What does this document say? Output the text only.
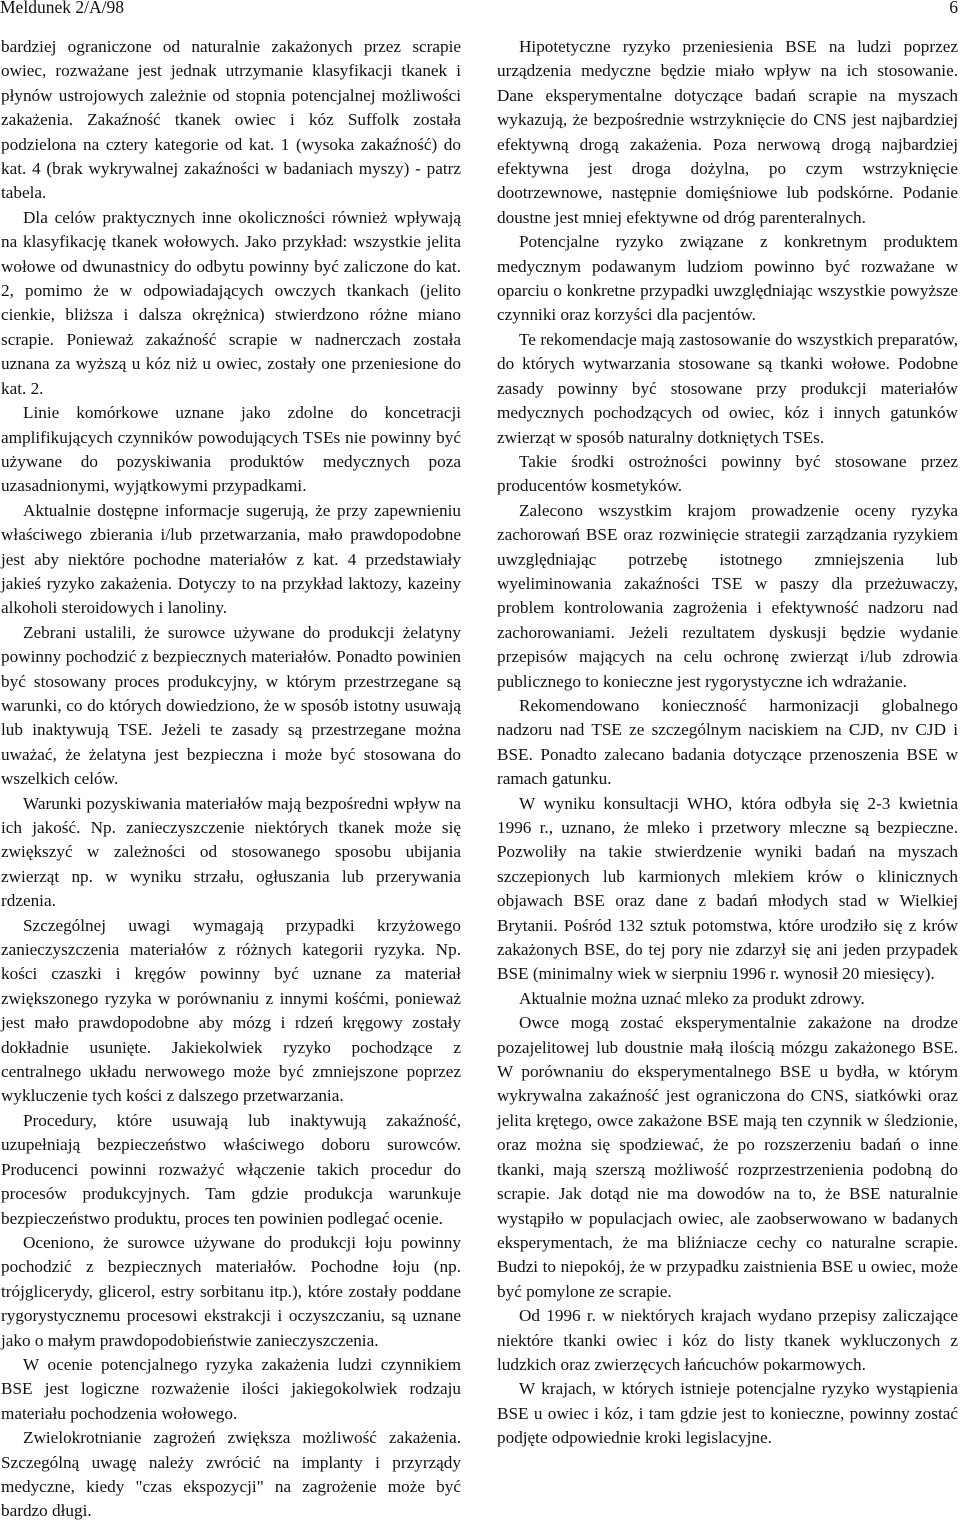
Meldunek 2/A/98	6

bardziej ograniczone od naturalnie zakażonych przez scrapie owiec, rozważane jest jednak utrzymanie klasyfikacji tkanek i płynów ustrojowych zależnie od stopnia potencjalnej możliwości zakażenia. Zakaźność tkanek owiec i kóz Suffolk została podzielona na cztery kategorie od kat. 1 (wysoka zakaźność) do kat. 4 (brak wykrywalnej zakaźności w badaniach myszy) - patrz tabela.

Dla celów praktycznych inne okoliczności również wpływają na klasyfikację tkanek wołowych. Jako przykład: wszystkie jelita wołowe od dwunastnicy do odbytu powinny być zaliczone do kat. 2, pomimo że w odpowiadających owczych tkankach (jelito cienkie, bliższa i dalsza okrężnica) stwierdzono różne miano scrapie. Ponieważ zakaźność scrapie w nadnerczach została uznana za wyższą u kóz niż u owiec, zostały one przeniesione do kat. 2.

Linie komórkowe uznane jako zdolne do koncetracji amplifikujących czynników powodujących TSEs nie powinny być używane do pozyskiwania produktów medycznych poza uzasadnionymi, wyjątkowymi przypadkami.

Aktualnie dostępne informacje sugerują, że przy zapewnieniu właściwego zbierania i/lub przetwarzania, mało prawdopodobne jest aby niektóre pochodne materiałów z kat. 4 przedstawiały jakieś ryzyko zakażenia. Dotyczy to na przykład laktozy, kazeiny alkoholi steroidowych i lanoliny.

Zebrani ustalili, że surowce używane do produkcji żelatyny powinny pochodzić z bezpiecznych materiałów. Ponadto powinien być stosowany proces produkcyjny, w którym przestrzegane są warunki, co do których dowiedziono, że w sposób istotny usuwają lub inaktywują TSE. Jeżeli te zasady są przestrzegane można uważać, że żelatyna jest bezpieczna i może być stosowana do wszelkich celów.

Warunki pozyskiwania materiałów mają bezpośredni wpływ na ich jakość. Np. zanieczyszczenie niektórych tkanek może się zwiększyć w zależności od stosowanego sposobu ubijania zwierząt np. w wyniku strzału, ogłuszania lub przerywania rdzenia.

Szczególnej uwagi wymagają przypadki krzyżowego zanieczyszczenia materiałów z różnych kategorii ryzyka. Np. kości czaszki i kręgów powinny być uznane za materiał zwiększonego ryzyka w porównaniu z innymi kośćmi, ponieważ jest mało prawdopodobne aby mózg i rdzeń kręgowy zostały dokładnie usunięte. Jakiekolwiek ryzyko pochodzące z centralnego układu nerwowego może być zmniejszone poprzez wykluczenie tych kości z dalszego przetwarzania.

Procedury, które usuwają lub inaktywują zakaźność, uzupełniają bezpieczeństwo właściwego doboru surowców. Producenci powinni rozważyć włączenie takich procedur do procesów produkcyjnych. Tam gdzie produkcja warunkuje bezpieczeństwo produktu, proces ten powinien podlegać ocenie.

Oceniono, że surowce używane do produkcji łoju powinny pochodzić z bezpiecznych materiałów. Pochodne łoju (np. trójglicerydy, glicerol, estry sorbitanu itp.), które zostały poddane rygorystycznemu procesowi ekstrakcji i oczyszczaniu, są uznane jako o małym prawdopodobieństwie zanieczyszczenia.

W ocenie potencjalnego ryzyka zakażenia ludzi czynnikiem BSE jest logiczne rozważenie ilości jakiegokolwiek rodzaju materiału pochodzenia wołowego.

Zwielokrotnianie zagrożeń zwiększa możliwość zakażenia. Szczególną uwagę należy zwrócić na implanty i przyrządy medyczne, kiedy "czas ekspozycji" na zagrożenie może być bardzo długi.

Hipotetyczne ryzyko przeniesienia BSE na ludzi poprzez urządzenia medyczne będzie miało wpływ na ich stosowanie. Dane eksperymentalne dotyczące badań scrapie na myszach wykazują, że bezpośrednie wstrzyknięcie do CNS jest najbardziej efektywną drogą zakażenia. Poza nerwową drogą najbardziej efektywna jest droga dożylna, po czym wstrzyknięcie dootrzewnowe, następnie domięśniowe lub podskórne. Podanie doustne jest mniej efektywne od dróg parenteralnych.

Potencjalne ryzyko związane z konkretnym produktem medycznym podawanym ludziom powinno być rozważane w oparciu o konkretne przypadki uwzględniając wszystkie powyższe czynniki oraz korzyści dla pacjentów.

Te rekomendacje mają zastosowanie do wszystkich preparatów, do których wytwarzania stosowane są tkanki wołowe. Podobne zasady powinny być stosowane przy produkcji materiałów medycznych pochodzących od owiec, kóz i innych gatunków zwierząt w sposób naturalny dotkniętych TSEs.

Takie środki ostrożności powinny być stosowane przez producentów kosmetyków.

Zalecono wszystkim krajom prowadzenie oceny ryzyka zachorowań BSE oraz rozwinięcie strategii zarządzania ryzykiem uwzględniając potrzebę istotnego zmniejszenia lub wyeliminowania zakaźności TSE w paszy dla przeżuwaczy, problem kontrolowania zagrożenia i efektywność nadzoru nad zachorowaniami. Jeżeli rezultatem dyskusji będzie wydanie przepisów mających na celu ochronę zwierząt i/lub zdrowia publicznego to konieczne jest rygorystyczne ich wdrażanie.

Rekomendowano konieczność harmonizacji globalnego nadzoru nad TSE ze szczególnym naciskiem na CJD, nv CJD i BSE. Ponadto zalecano badania dotyczące przenoszenia BSE w ramach gatunku.

W wyniku konsultacji WHO, która odbyła się 2-3 kwietnia 1996 r., uznano, że mleko i przetwory mleczne są bezpieczne. Pozwoliły na takie stwierdzenie wyniki badań na myszach szczepionych lub karmionych mlekiem krów o klinicznych objawach BSE oraz dane z badań młodych stad w Wielkiej Brytanii. Pośród 132 sztuk potomstwa, które urodziło się z krów zakażonych BSE, do tej pory nie zdarzył się ani jeden przypadek BSE (minimalny wiek w sierpniu 1996 r. wynosił 20 miesięcy).

Aktualnie można uznać mleko za produkt zdrowy.

Owce mogą zostać eksperymentalnie zakażone na drodze pozajelitowej lub doustnie małą ilością mózgu zakażonego BSE. W porównaniu do eksperymentalnego BSE u bydła, w którym wykrywalna zakaźność jest ograniczona do CNS, siatkówki oraz jelita krętego, owce zakażone BSE mają ten czynnik w śledzionie, oraz można się spodziewać, że po rozszerzeniu badań o inne tkanki, mają szerszą możliwość rozprzestrzenienia podobną do scrapie. Jak dotąd nie ma dowodów na to, że BSE naturalnie wystąpiło w populacjach owiec, ale zaobserwowano w badanych eksperymentach, że ma bliźniacze cechy co naturalne scrapie. Budzi to niepokój, że w przypadku zaistnienia BSE u owiec, może być pomylone ze scrapie.

Od 1996 r. w niektórych krajach wydano przepisy zaliczające niektóre tkanki owiec i kóz do listy tkanek wykluczonych z ludzkich oraz zwierzęcych łańcuchów pokarmowych.

W krajach, w których istnieje potencjalne ryzyko wystąpienia BSE u owiec i kóz, i tam gdzie jest to konieczne, powinny zostać podjęte odpowiednie kroki legislacyjne.
